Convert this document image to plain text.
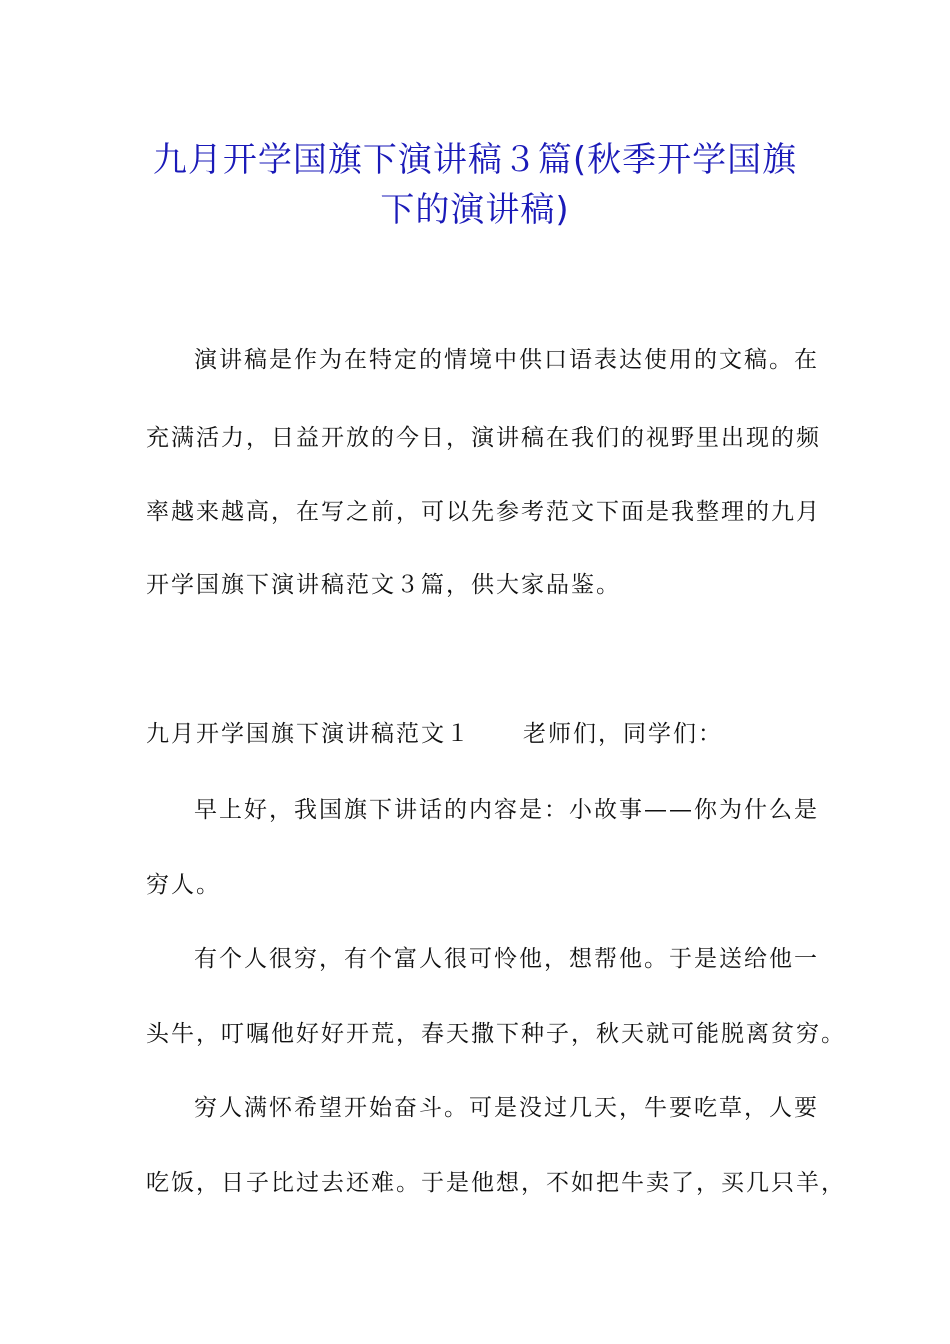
九月开学国旗下演讲稿３篇(秋季开学国旗
下的演讲稿)
演讲稿是作为在特定的情境中供口语表达使用的文稿。在
充满活力，日益开放的今日，演讲稿在我们的视野里出现的频
率越来越高，在写之前，可以先参考范文下面是我整理的九月
开学国旗下演讲稿范文３篇，供大家品鉴。
九月开学国旗下演讲稿范文１ 老师们，同学们：
早上好，我国旗下讲话的内容是：小故事——你为什么是
穷人。
有个人很穷，有个富人很可怜他，想帮他。于是送给他一
头牛，叮嘱他好好开荒，春天撒下种子，秋天就可能脱离贫穷。
穷人满怀希望开始奋斗。可是没过几天，牛要吃草，人要
吃饭，日子比过去还难。于是他想，不如把牛卖了，买几只羊，
